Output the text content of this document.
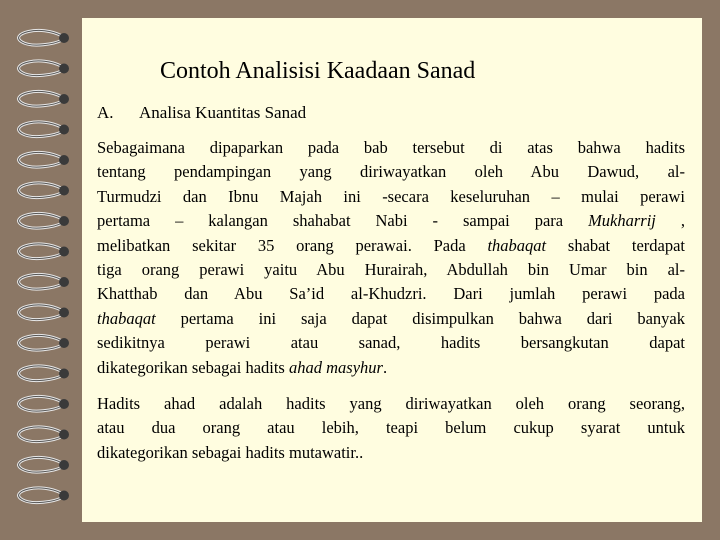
Contoh Analisisi Kaadaan Sanad
A. Analisa Kuantitas Sanad
Sebagaimana dipaparkan pada bab tersebut di atas bahwa hadits
tentang pendampingan yang diriwayatkan oleh Abu Dawud, al-
Turmudzi dan Ibnu Majah ini -secara keseluruhan – mulai perawi
pertama – kalangan shahabat Nabi - sampai para Mukharrij ,
melibatkan sekitar 35 orang perawai. Pada thabaqat shabat terdapat
tiga orang perawi yaitu Abu Hurairah, Abdullah bin Umar bin al-
Khatthab dan Abu Sa’id al-Khudzri. Dari jumlah perawi pada
thabaqat pertama ini saja dapat disimpulkan bahwa dari banyak
sedikitnya perawi atau sanad, hadits bersangkutan dapat
dikategorikan sebagai hadits ahad masyhur.
Hadits ahad adalah hadits yang diriwayatkan oleh orang seorang,
atau dua orang atau lebih, teapi belum cukup syarat untuk
dikategorikan sebagai hadits mutawatir..
